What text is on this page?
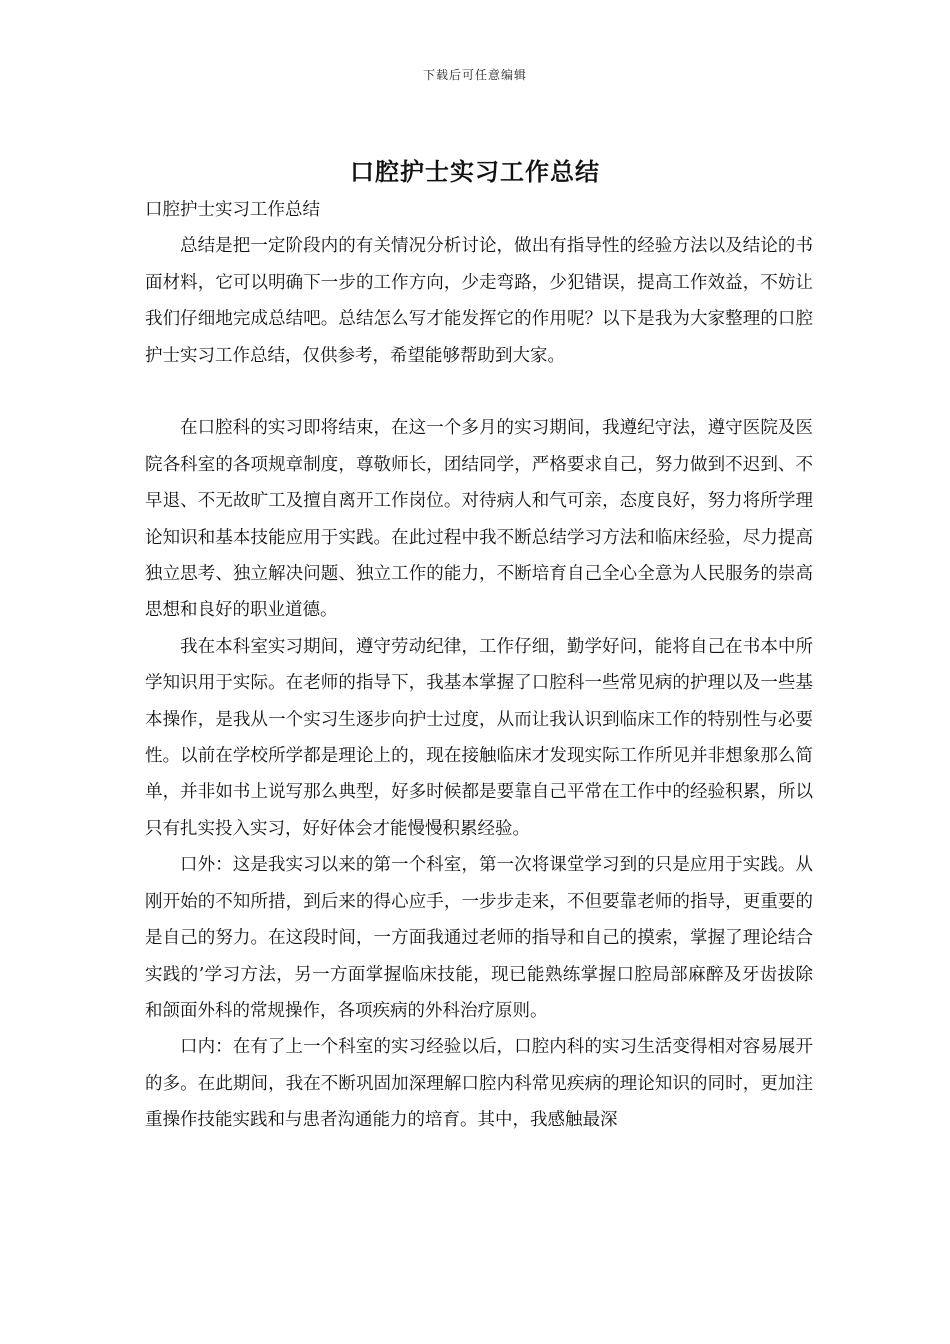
下载后可任意编辑
口腔护士实习工作总结

口腔护士实习工作总结

总结是把一定阶段内的有关情况分析讨论，做出有指导性的经验方法以及结论的书面材料，它可以明确下一步的工作方向，少走弯路，少犯错误，提高工作效益，不妨让我们仔细地完成总结吧。总结怎么写才能发挥它的作用呢？以下是我为大家整理的口腔护士实习工作总结，仅供参考，希望能够帮助到大家。

在口腔科的实习即将结束，在这一个多月的实习期间，我遵纪守法，遵守医院及医院各科室的各项规章制度，尊敬师长，团结同学，严格要求自己，努力做到不迟到、不早退、不无故旷工及擅自离开工作岗位。对待病人和气可亲，态度良好，努力将所学理论知识和基本技能应用于实践。在此过程中我不断总结学习方法和临床经验，尽力提高独立思考、独立解决问题、独立工作的能力，不断培育自己全心全意为人民服务的崇高思想和良好的职业道德。

我在本科室实习期间，遵守劳动纪律，工作仔细，勤学好问，能将自己在书本中所学知识用于实际。在老师的指导下，我基本掌握了口腔科一些常见病的护理以及一些基本操作，是我从一个实习生逐步向护士过度，从而让我认识到临床工作的特别性与必要性。以前在学校所学都是理论上的，现在接触临床才发现实际工作所见并非想象那么简单，并非如书上说写那么典型，好多时候都是要靠自己平常在工作中的经验积累，所以只有扎实投入实习，好好体会才能慢慢积累经验。

口外：这是我实习以来的第一个科室，第一次将课堂学习到的只是应用于实践。从刚开始的不知所措，到后来的得心应手，一步步走来，不但要靠老师的指导，更重要的是自己的努力。在这段时间，一方面我通过老师的指导和自己的摸索，掌握了理论结合实践的’学习方法，另一方面掌握临床技能，现已能熟练掌握口腔局部麻醉及牙齿拔除和颌面外科的常规操作，各项疾病的外科治疗原则。

口内：在有了上一个科室的实习经验以后，口腔内科的实习生活变得相对容易展开的多。在此期间，我在不断巩固加深理解口腔内科常见疾病的理论知识的同时，更加注重操作技能实践和与患者沟通能力的培育。其中，我感触最深
